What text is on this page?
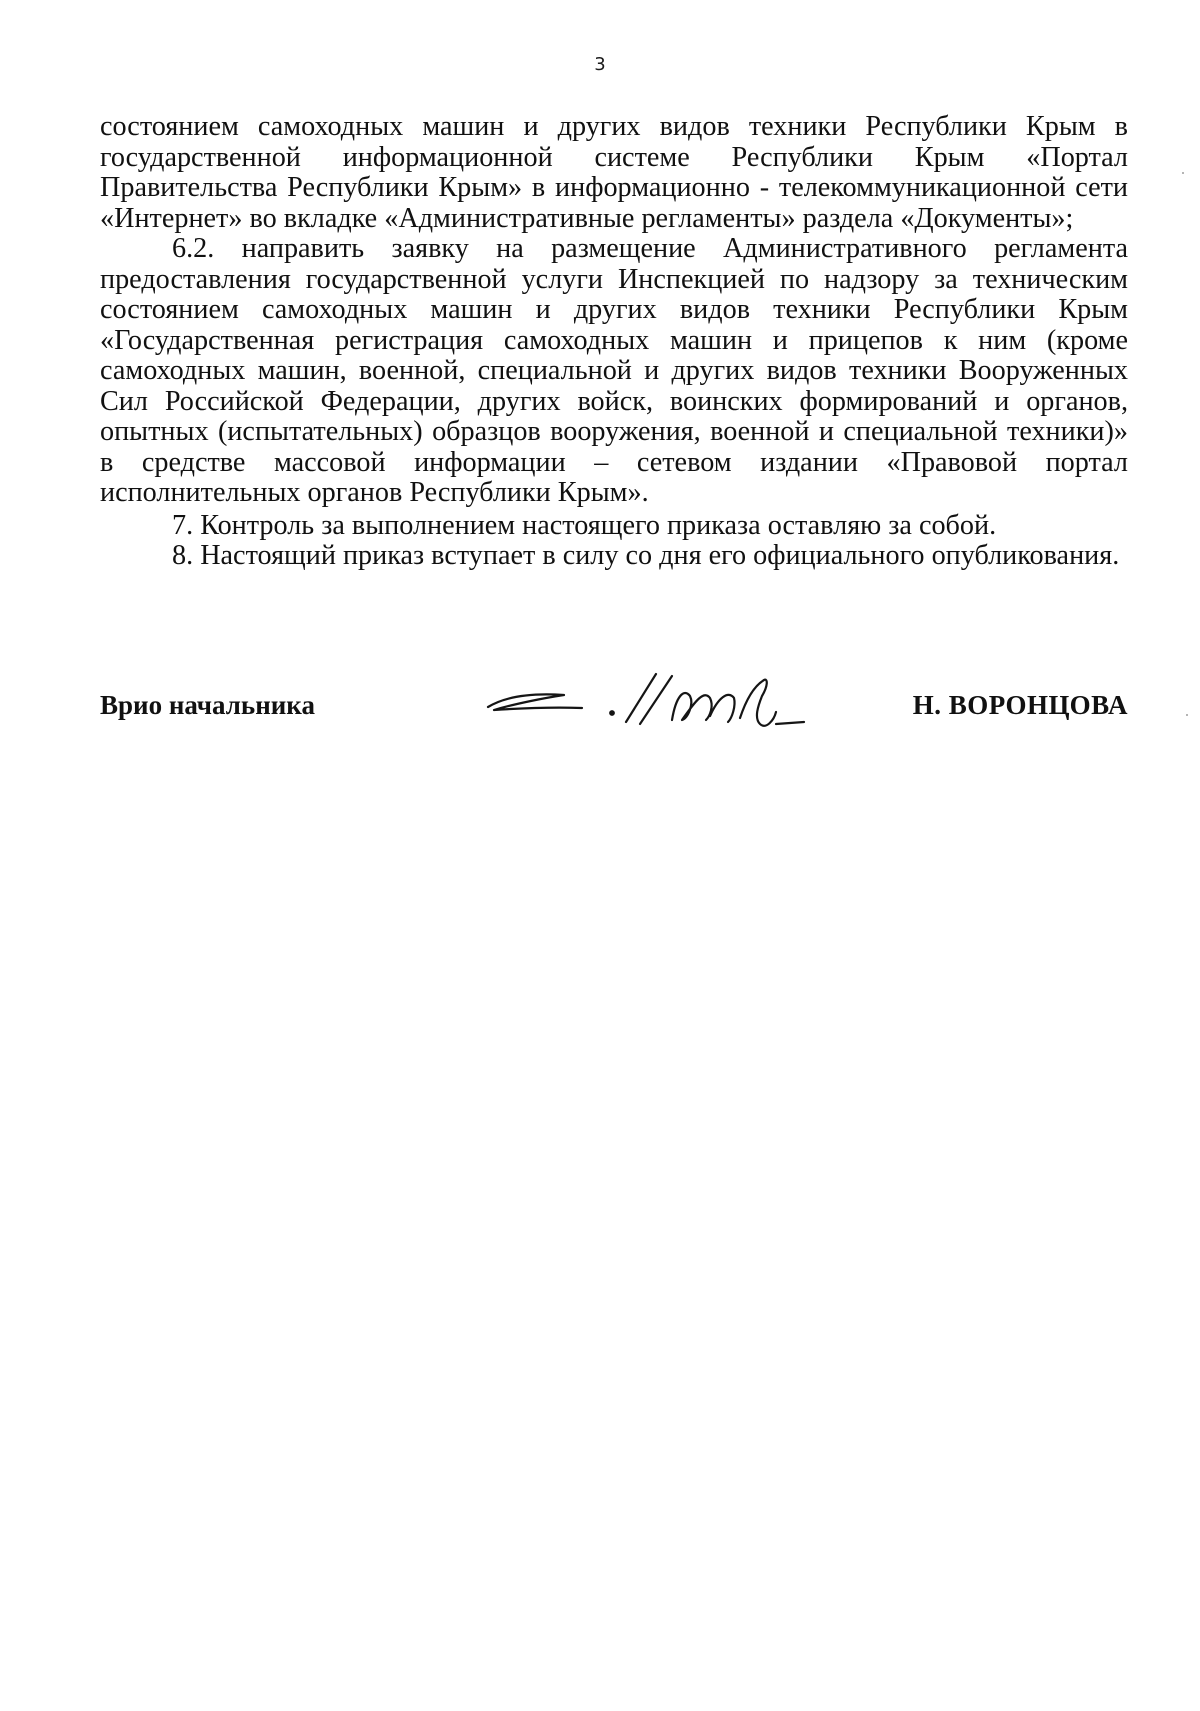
3

состоянием самоходных машин и других видов техники Республики Крым в государственной информационной системе Республики Крым «Портал Правительства Республики Крым» в информационно - телекоммуникационной сети «Интернет» во вкладке «Административные регламенты» раздела «Документы»;

6.2. направить заявку на размещение Административного регламента предоставления государственной услуги Инспекцией по надзору за техническим состоянием самоходных машин и других видов техники Республики Крым «Государственная регистрация самоходных машин и прицепов к ним (кроме самоходных машин, военной, специальной и других видов техники Вооруженных Сил Российской Федерации, других войск, воинских формирований и органов, опытных (испытательных) образцов вооружения, военной и специальной техники)» в средстве массовой информации – сетевом издании «Правовой портал исполнительных органов Республики Крым».

7. Контроль за выполнением настоящего приказа оставляю за собой.

8. Настоящий приказ вступает в силу со дня его официального опубликования.

Врио начальника	Н. ВОРОНЦОВА
